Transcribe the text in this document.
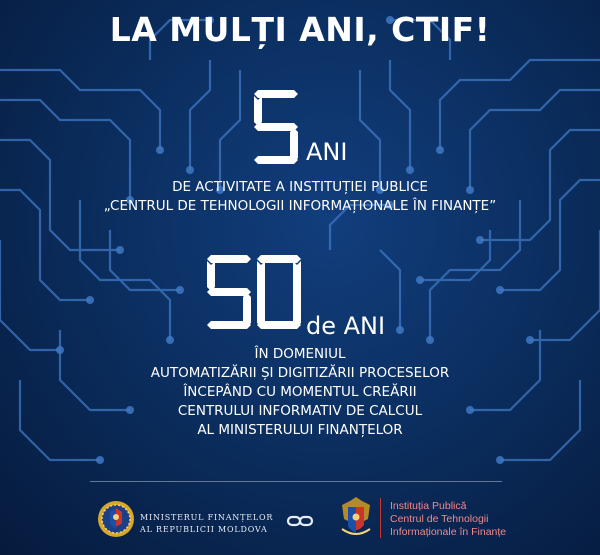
LA MULȚI ANI, CTIF!
ANI
DE ACTIVITATE A INSTITUȚIEI PUBLICE
„CENTRUL DE TEHNOLOGII INFORMAȚIONALE ÎN FINANȚE”
de ANI
ÎN DOMENIUL
AUTOMATIZĂRII ȘI DIGITIZĂRII PROCESELOR
ÎNCEPÂND CU MOMENTUL CREĂRII
CENTRULUI INFORMATIV DE CALCUL
AL MINISTERULUI FINANȚELOR
MINISTERUL FINANȚELOR
AL REPUBLICII MOLDOVA
Instituția Publică
Centrul de Tehnologii
Informaționale în Finanțe
